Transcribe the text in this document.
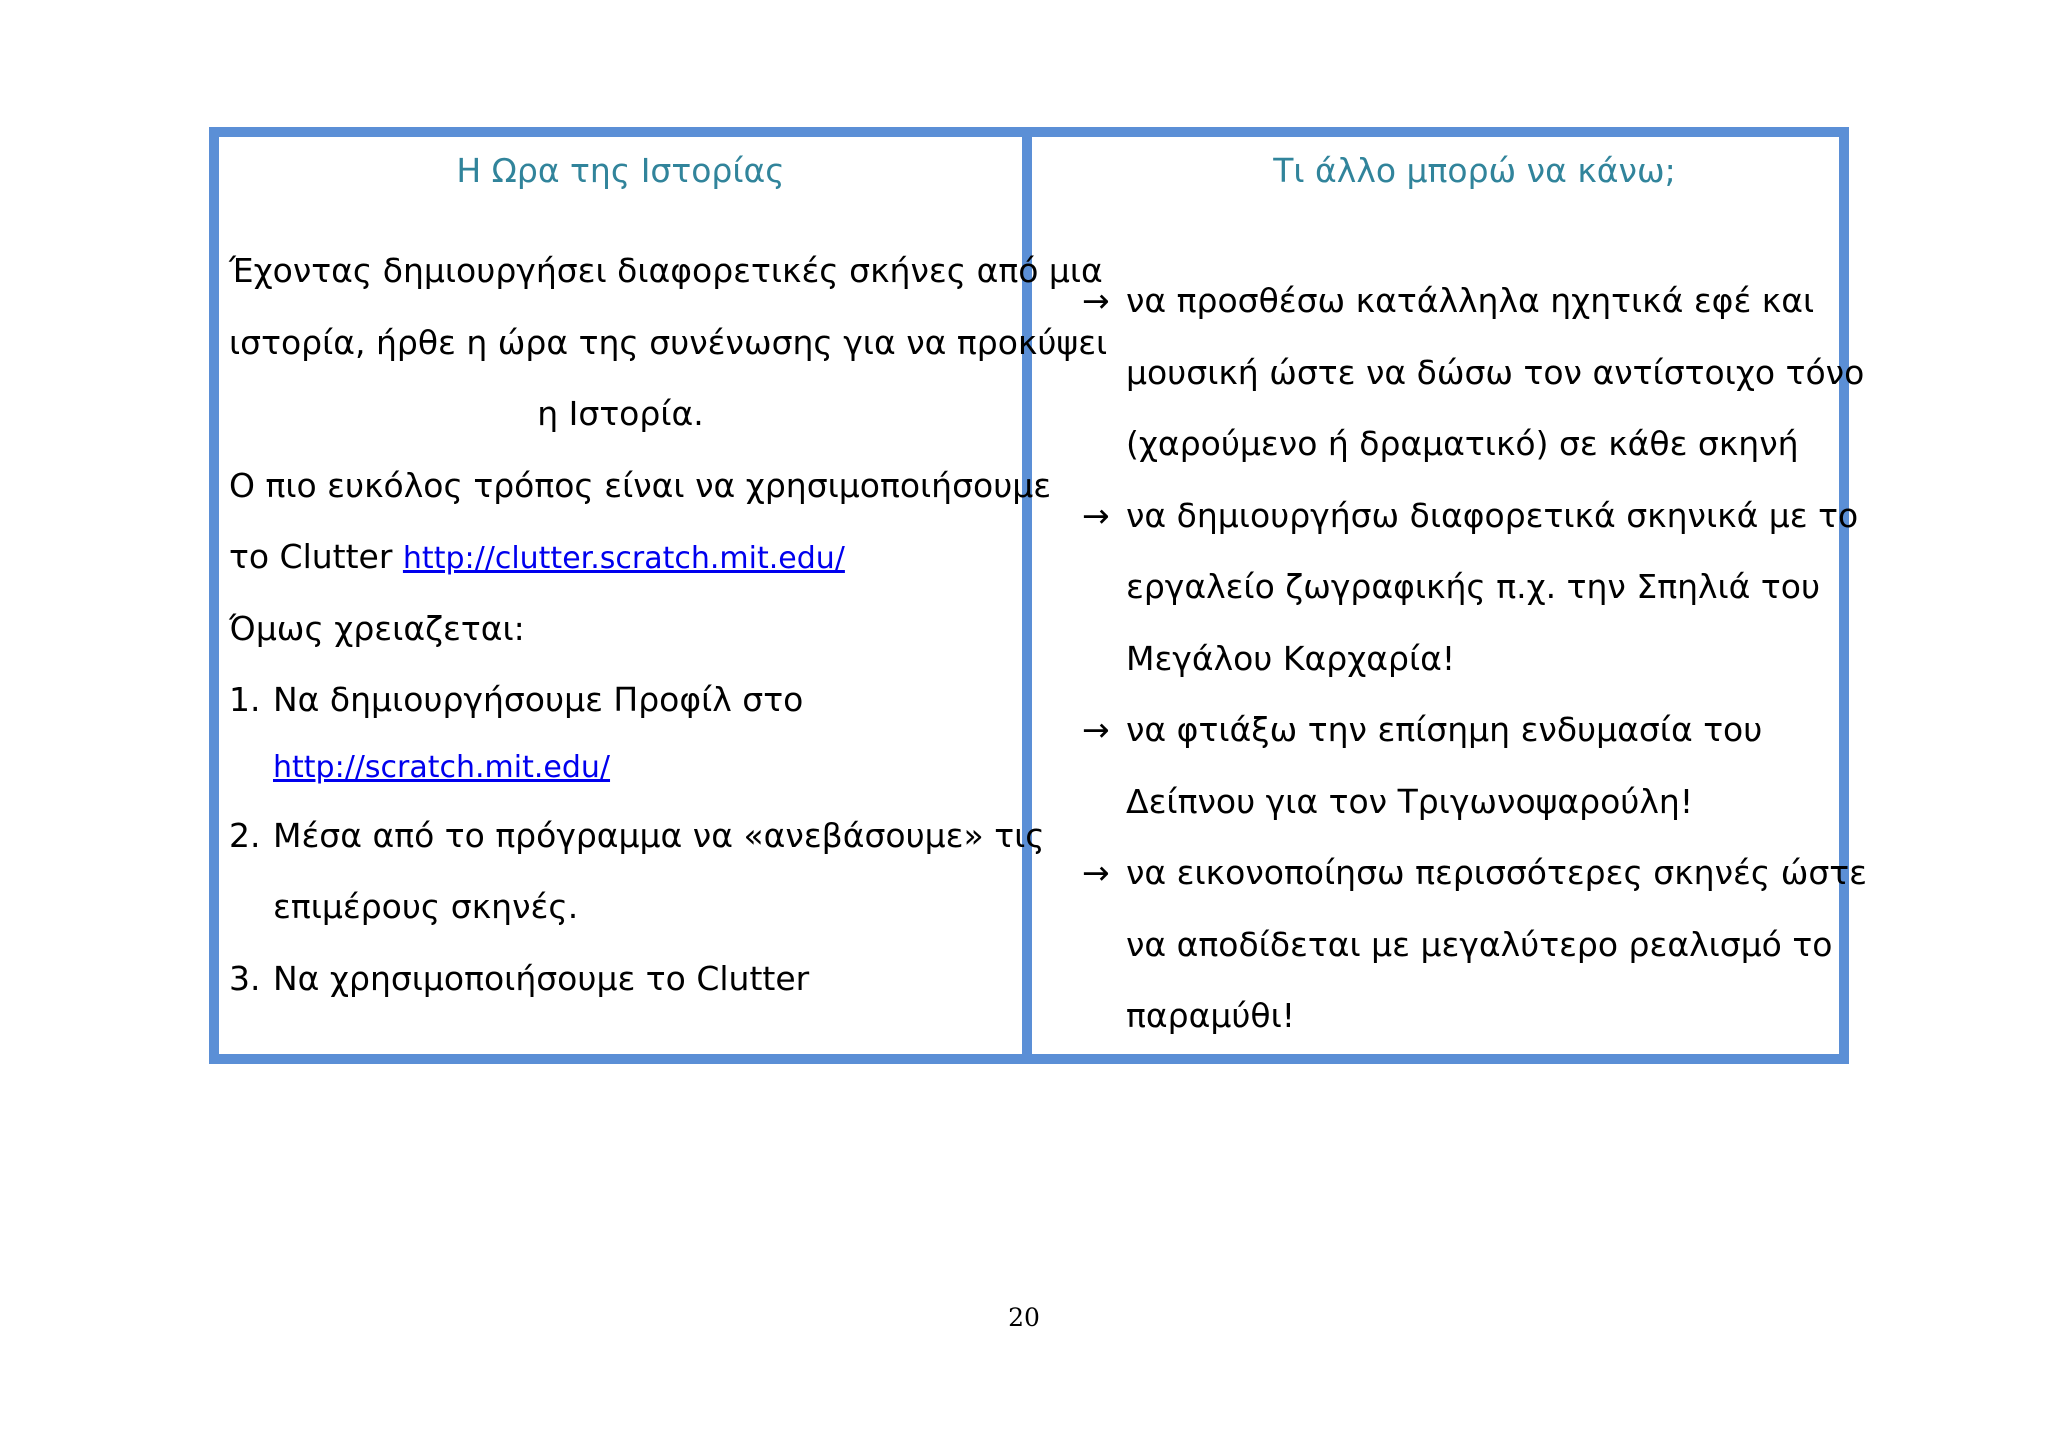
Η Ωρα της Ιστορίας
Έχοντας δημιουργήσει διαφορετικές σκήνες από μια
ιστορία, ήρθε η ώρα της συνένωσης για να προκύψει
η Ιστορία.
Ο πιο ευκόλος τρόπος είναι να χρησιμοποιήσουμε
το Clutter http://clutter.scratch.mit.edu/
Όμως χρειαζεται:
1. Να δημιουργήσουμε Προφίλ στο
http://scratch.mit.edu/
2. Μέσα από το πρόγραμμα να «ανεβάσουμε» τις
επιμέρους σκηνές.
3. Να χρησιμοποιήσουμε το Clutter
Τι άλλο μπορώ να κάνω;
→ να προσθέσω κατάλληλα ηχητικά εφέ και
μουσική ώστε να δώσω τον αντίστοιχο τόνο
(χαρούμενο ή δραματικό) σε κάθε σκηνή
→ να δημιουργήσω διαφορετικά σκηνικά με το
εργαλείο ζωγραφικής π.χ. την Σπηλιά του
Μεγάλου Καρχαρία!
→ να φτιάξω την επίσημη ενδυμασία του
Δείπνου για τον Τριγωνοψαρούλη!
→ να εικονοποίησω περισσότερες σκηνές ώστε
να αποδίδεται με μεγαλύτερο ρεαλισμό το
παραμύθι!
20
